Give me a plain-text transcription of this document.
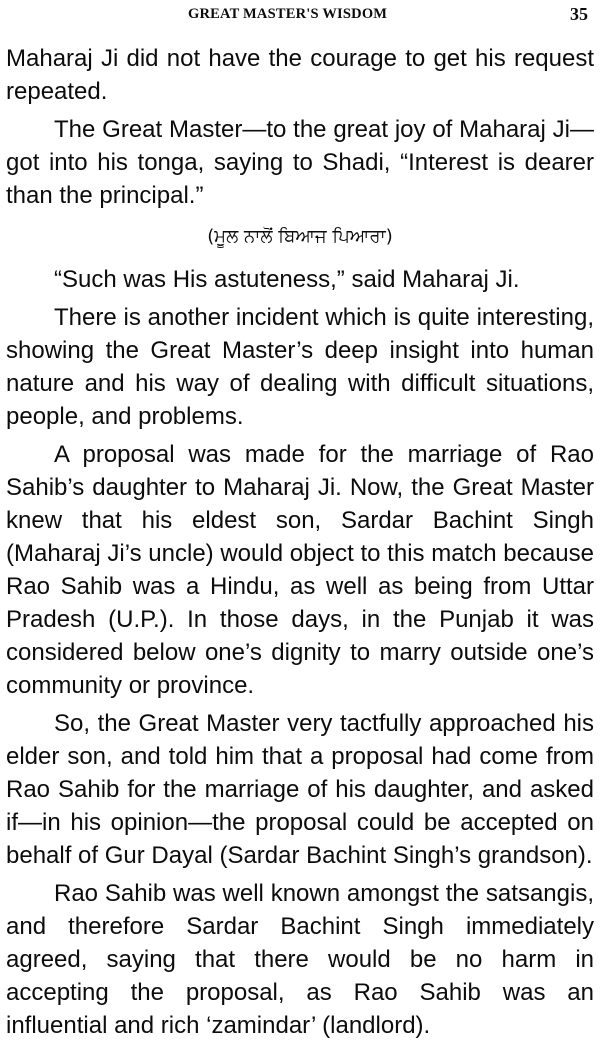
GREAT MASTER'S WISDOM	35

Maharaj Ji did not have the courage to get his request repeated.

The Great Master—to the great joy of Maharaj Ji—got into his tonga, saying to Shadi, “Interest is dearer than the principal.”

(ਮੂਲ ਨਾਲੋਂ ਬਿਆਜ ਪਿਆਰਾ)

“Such was His astuteness,” said Maharaj Ji.

There is another incident which is quite interesting, showing the Great Master’s deep insight into human nature and his way of dealing with difficult situations, people, and problems.

A proposal was made for the marriage of Rao Sahib’s daughter to Maharaj Ji. Now, the Great Master knew that his eldest son, Sardar Bachint Singh (Maharaj Ji’s uncle) would object to this match because Rao Sahib was a Hindu, as well as being from Uttar Pradesh (U.P.). In those days, in the Punjab it was considered below one’s dignity to marry outside one’s community or province.

So, the Great Master very tactfully approached his elder son, and told him that a proposal had come from Rao Sahib for the marriage of his daughter, and asked if—in his opinion—the proposal could be accepted on behalf of Gur Dayal (Sardar Bachint Singh’s grandson).

Rao Sahib was well known amongst the satsangis, and therefore Sardar Bachint Singh immediately agreed, saying that there would be no harm in accepting the proposal, as Rao Sahib was an influential and rich ‘zamindar’ (landlord).
